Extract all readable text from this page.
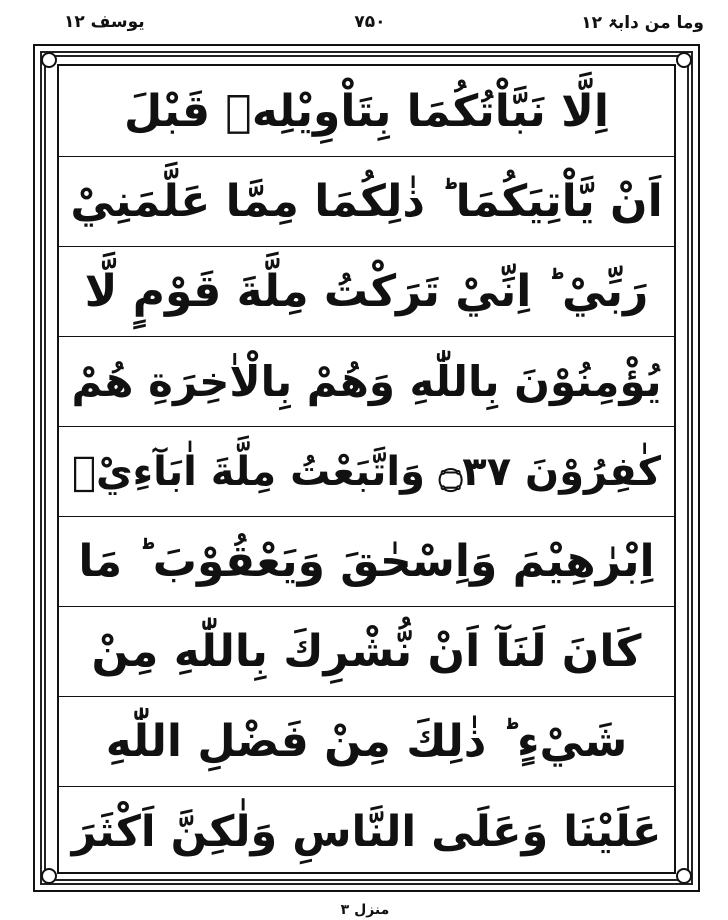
یوسف ۱۲	۷۵۰	وما من دابۃ ۱۲
اِلَّا نَبَّاْتُكُمَا بِتَاْوِيْلِهٖ قَبْلَ
اَنْ يَّاْتِيَكُمَا ؕ ذٰلِكُمَا مِمَّا عَلَّمَنِيْ
رَبِّيْ ؕ اِنِّيْ تَرَكْتُ مِلَّةَ قَوْمٍ لَّا
يُؤْمِنُوْنَ بِاللّٰهِ وَهُمْ بِالْاٰخِرَةِ هُمْ
كٰفِرُوْنَ ۝۳۷ وَاتَّبَعْتُ مِلَّةَ اٰبَآءِيْۤ
اِبْرٰهِيْمَ وَاِسْحٰقَ وَيَعْقُوْبَ ؕ مَا
كَانَ لَنَآ اَنْ نُّشْرِكَ بِاللّٰهِ مِنْ
شَيْءٍ ؕ ذٰلِكَ مِنْ فَضْلِ اللّٰهِ
عَلَيْنَا وَعَلَى النَّاسِ وَلٰكِنَّ اَكْثَرَ
منزل ۳
